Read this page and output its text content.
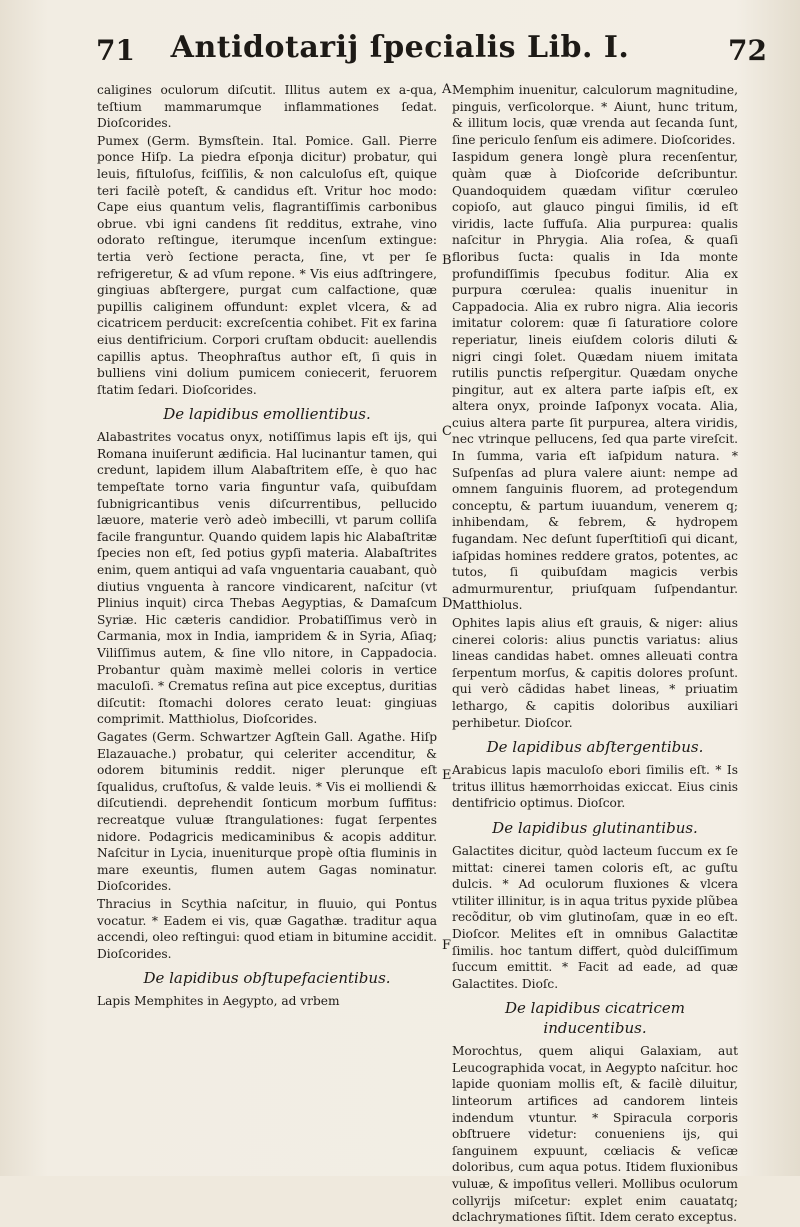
71	Antidotarij ſpecialis Lib. I.	72

caligines oculorum diſcutit. Illitus autem ex a-qua, teſtium mammarumque inflammationes ſedat. Dioſcorides.

Pumex (Germ. Bymsſtein. Ital. Pomice. Gall. Pierre ponce Hiſp. La piedra eſponja dicitur) probatur, qui leuis, fiſtuloſus, fciſſilis, & non calculoſus eſt, quique teri facilè poteſt, & candidus eſt. Vritur hoc modo: Cape eius quantum velis, flagrantiſſimis carbonibus obrue. vbi igni candens ſit redditus, extrahe, vino odorato reſtingue, iterumque incenſum extingue: tertia verò ſectione peracta, ſine, vt per ſe refrigeretur, & ad vſum repone. * Vis eius adſtringere, gingiuas abſtergere, purgat cum calfactione, quæ pupillis caliginem offundunt: explet vlcera, & ad cicatricem perducit: excreſcentia cohibet. Fit ex farina eius dentifricium. Corpori cruſtam obducit: auellendis capillis aptus. Theophraſtus author eſt, ſi quis in bulliens vini dolium pumicem coniecerit, feruorem ſtatim ſedari. Dioſcorides.

De lapidibus emollientibus.

Alabastrites vocatus onyx, notiſſimus lapis eſt ijs, qui Romana inuiſerunt ædificia. Hal lucinantur tamen, qui credunt, lapidem illum Alabaſtritem eſſe, è quo hac tempeſtate torno varia finguntur vaſa, quibuſdam ſubnigricantibus venis diſcurrentibus, pellucido læuore, materie verò adeò imbecilli, vt parum colliſa facile franguntur. Quando quidem lapis hic Alabaſtritæ ſpecies non eſt, ſed potius gypſi materia. Alabaſtrites enim, quem antiqui ad vaſa vnguentaria cauabant, quò diutius vnguenta à rancore vindicarent, naſcitur (vt Plinius inquit) circa Thebas Aegyptias, & Damaſcum Syriæ. Hic cæteris candidior. Probatiſſimus verò in Carmania, mox in India, iampridem & in Syria, Aſiaq; Viliſſimus autem, & ſine vllo nitore, in Cappadocia. Probantur quàm maximè mellei coloris in vertice maculoſi. * Crematus reſina aut pice exceptus, duritias diſcutit: ſtomachi dolores cerato leuat: gingiuas comprimit. Matthiolus, Dioſcorides.

Gagates (Germ. Schwartzer Agſtein Gall. Agathe. Hiſp Elazauache.) probatur, qui celeriter accenditur, & odorem bituminis reddit. niger plerunque eſt ſqualidus, cruſtoſus, & valde leuis. * Vis ei molliendi & diſcutiendi. deprehendit ſonticum morbum ſuffitus: recreatque vuluæ ſtrangulationes: fugat ſerpentes nidore. Podagricis medicaminibus & acopis additur. Naſcitur in Lycia, inueniturque propè oſtia fluminis in mare exeuntis, flumen autem Gagas nominatur. Dioſcorides.

Thracius in Scythia naſcitur, in fluuio, qui Pontus vocatur. * Eadem ei vis, quæ Gagathæ. traditur aqua accendi, oleo reſtingui: quod etiam in bitumine accidit. Dioſcorides.

De lapidibus obſtupefacientibus.

Lapis Memphites in Aegypto, ad vrbem

Memphim inuenitur, calculorum magnitudine, pinguis, verſicolorque. * Aiunt, hunc tritum, & illitum locis, quæ vrenda aut ſecanda ſunt, ſine periculo ſenſum eis adimere. Dioſcorides.

Iaspidum genera longè plura recenſentur, quàm quæ à Dioſcoride deſcribuntur. Quandoquidem quædam viſitur cœruleo copioſo, aut glauco pingui ſimilis, id eſt viridis, lacte ſuffuſa. Alia purpurea: qualis naſcitur in Phrygia. Alia roſea, & quaſi floribus ſucta: qualis in Ida monte profundiſſimis ſpecubus foditur. Alia ex purpura cœrulea: qualis inuenitur in Cappadocia. Alia ex rubro nigra. Alia iecoris imitatur colorem: quæ ſi ſaturatiore colore reperiatur, lineis eiuſdem coloris diluti & nigri cingi ſolet. Quædam niuem imitata rutilis punctis reſpergitur. Quædam onyche pingitur, aut ex altera parte iaſpis eſt, ex altera onyx, proinde Iaſponyx vocata. Alia, cuius altera parte ſit purpurea, altera viridis, nec vtrinque pellucens, ſed qua parte vireſcit. In ſumma, varia eſt iaſpidum natura. * Suſpenſas ad plura valere aiunt: nempe ad omnem ſanguinis fluorem, ad protegendum conceptu, & partum iuuandum, venerem q; inhibendam, & febrem, & hydropem fugandam. Nec deſunt ſuperſtitioſi qui dicant, iaſpidas homines reddere gratos, potentes, ac tutos, ſi quibuſdam magicis verbis admurmurentur, priuſquam ſuſpendantur. Matthiolus.

Ophites lapis alius eſt grauis, & niger: alius cinerei coloris: alius punctis variatus: alius lineas candidas habet. omnes alleuati contra ſerpentum morſus, & capitis dolores proſunt. qui verò cãdidas habet lineas, * priuatim lethargo, & capitis doloribus auxiliari perhibetur. Dioſcor.

De lapidibus abſtergentibus.

Arabicus lapis maculoſo ebori ſimilis eſt. * Is tritus illitus hæmorrhoidas exiccat. Eius cinis dentifricio optimus. Dioſcor.

De lapidibus glutinantibus.

Galactites dicitur, quòd lacteum ſuccum ex ſe mittat: cinerei tamen coloris eſt, ac guſtu dulcis. * Ad oculorum fluxiones & vlcera vtiliter illinitur, is in aqua tritus pyxide plũbea recõditur, ob vim glutinoſam, quæ in eo eſt. Dioſcor. Melites eſt in omnibus Galactitæ ſimilis. hoc tantum differt, quòd dulciſſimum ſuccum emittit. * Facit ad eade, ad quæ Galactites. Dioſc.

De lapidibus cicatricem inducentibus.

Morochtus, quem aliqui Galaxiam, aut Leucographida vocat, in Aegypto naſcitur. hoc lapide quoniam mollis eſt, & facilè diluitur, linteorum artifices ad candorem linteis indendum vtuntur. * Spiracula corporis obſtruere videtur: conueniens ijs, qui ſanguinem expuunt, cœliacis & veſicæ doloribus, cum aqua potus. Itidem fluxionibus vuluæ, & impoſitus velleri. Mollibus oculorum collyrijs miſcetur: explet enim cauatatq; dclachrymationes ſiſtit. Idem cerato exceptus.

A
B
C
D
E
F
